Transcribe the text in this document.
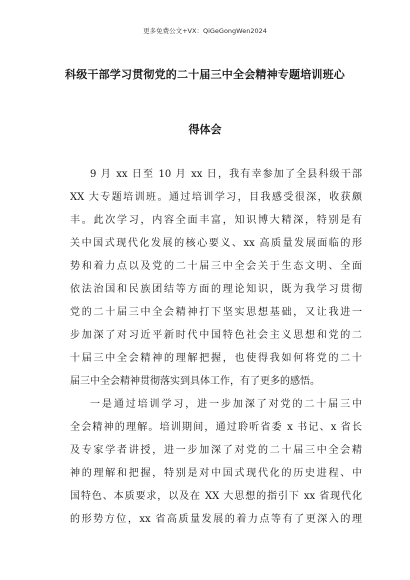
更多免费公文+VX：QiGeGongWen2024
科级干部学习贯彻党的二十届三中全会精神专题培训班心
得体会
9 月 xx 日至 10 月 xx 日，我有幸参加了全县科级干部
XX 大专题培训班。通过培训学习，目我感受很深，收获颇
丰。此次学习，内容全面丰富，知识博大精深，特别是有
关中国式现代化发展的核心要义、xx 高质量发展面临的形
势和着力点以及党的二十届三中全会关于生态文明、全面
依法治国和民族团结等方面的理论知识，既为我学习贯彻
党的二十届三中全会精神打下坚实思想基础，又让我进一
步加深了对习近平新时代中国特色社会主义思想和党的二
十届三中全会精神的理解把握，也使得我如何将党的二十
届三中全会精神贯彻落实到具体工作，有了更多的感悟。
一是通过培训学习，进一步加深了对党的二十届三中
全会精神的理解。培训期间，通过聆听省委 x 书记、x 省长
及专家学者讲授，进一步加深了对党的二十届三中全会精
神的理解和把握，特别是对中国式现代化的历史进程、中
国特色、本质要求，以及在 XX 大思想的指引下 xx 省现代化
的形势方位，xx 省高质量发展的着力点等有了更深入的理
